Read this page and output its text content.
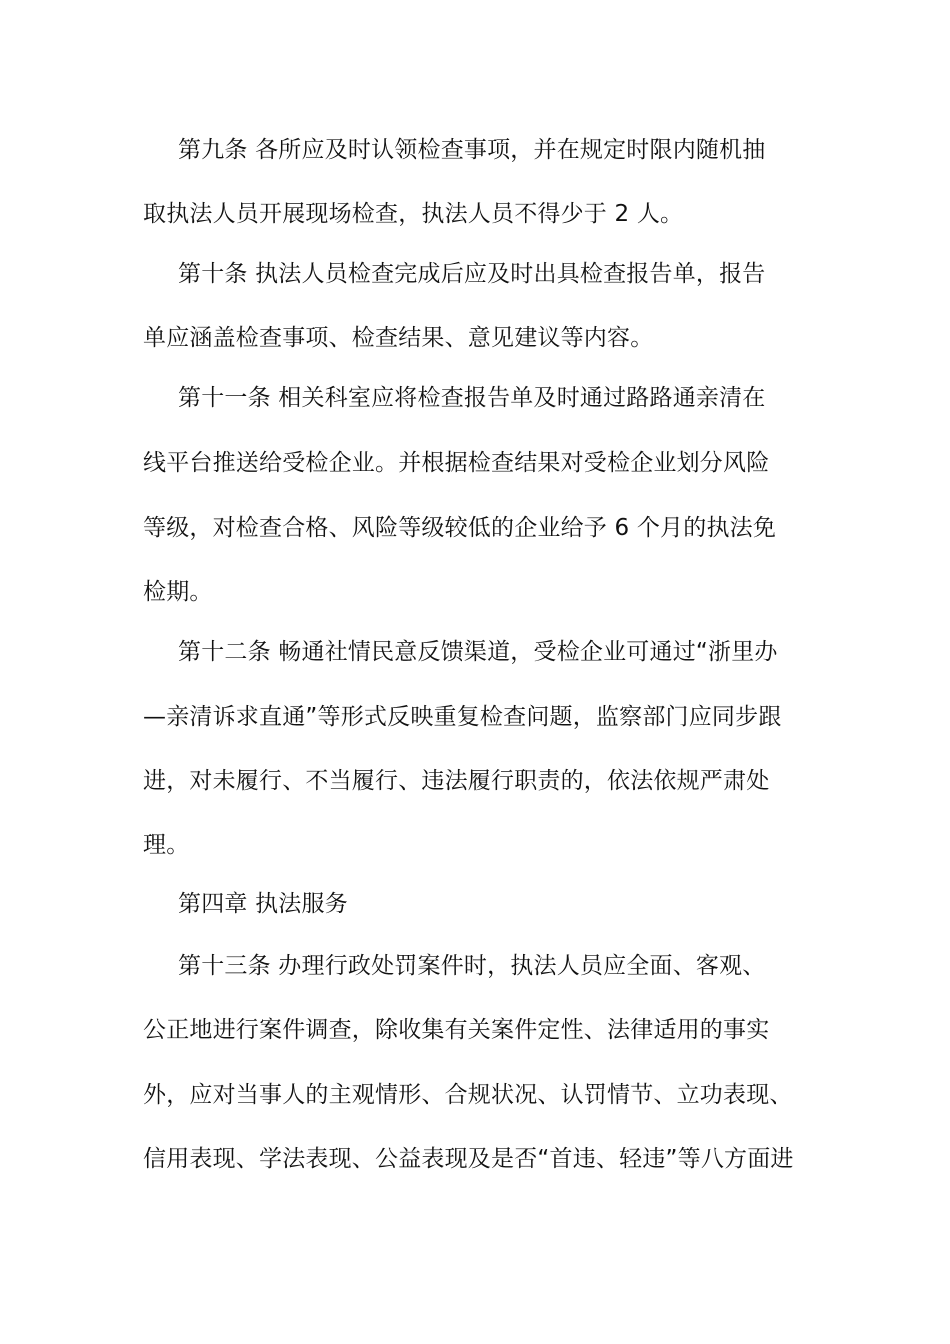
第九条 各所应及时认领检查事项，并在规定时限内随机抽
取执法人员开展现场检查，执法人员不得少于 2 人。
第十条 执法人员检查完成后应及时出具检查报告单，报告
单应涵盖检查事项、检查结果、意见建议等内容。
第十一条 相关科室应将检查报告单及时通过路路通亲清在
线平台推送给受检企业。并根据检查结果对受检企业划分风险
等级，对检查合格、风险等级较低的企业给予 6 个月的执法免
检期。
第十二条 畅通社情民意反馈渠道，受检企业可通过“浙里办
—亲清诉求直通”等形式反映重复检查问题，监察部门应同步跟
进，对未履行、不当履行、违法履行职责的，依法依规严肃处
理。
第四章 执法服务
第十三条 办理行政处罚案件时，执法人员应全面、客观、
公正地进行案件调查，除收集有关案件定性、法律适用的事实
外，应对当事人的主观情形、合规状况、认罚情节、立功表现、
信用表现、学法表现、公益表现及是否“首违、轻违”等八方面进
